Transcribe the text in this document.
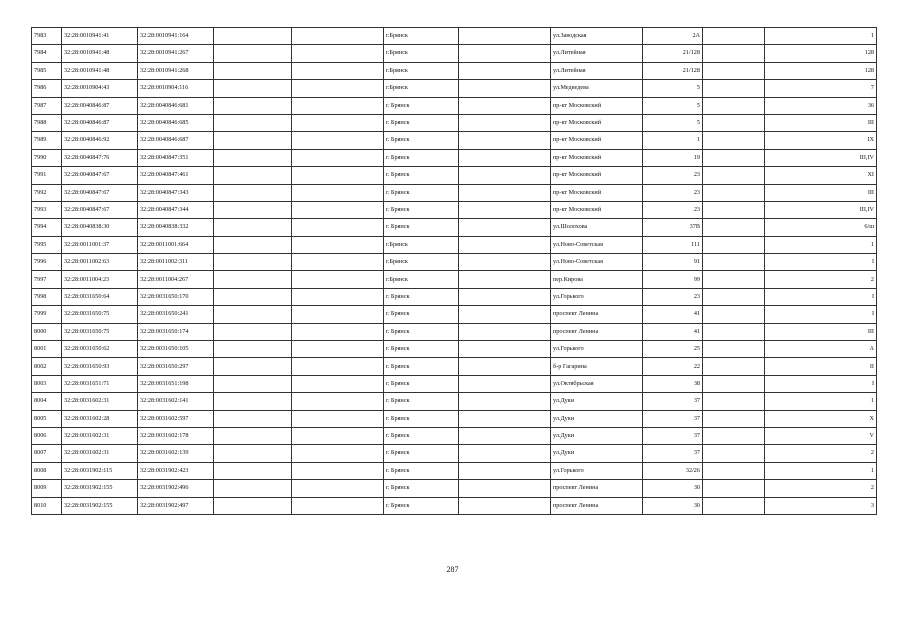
7983	32:28:0010941:41	32:28:0010941:164			г.Брянск		ул.Заводская	2А		1
7984	32:28:0010941:48	32:28:0010941:267			г.Брянск		ул.Литейная	21/128		128
7985	32:28:0010941:48	32:28:0010941:268			г.Брянск		ул.Литейная	21/128		128
7986	32:28:0010904:43	32:28:0010904:116			г.Брянск		ул.Медведева	5		7
7987	32:28:0040846:87	32:28:0040846:681			г. Брянск		пр-кт Московский	5		36
7988	32:28:0040846:87	32:28:0040846:685			г. Брянск		пр-кт Московский	5		III
7989	32:28:0040846:92	32:28:0040846:687			г. Брянск		пр-кт Московский	1		IX
7990	32:28:0040847:76	32:28:0040847:351			г. Брянск		пр-кт Московский	19		III,IV
7991	32:28:0040847:67	32:28:0040847:461			г. Брянск		пр-кт Московский	23		XI
7992	32:28:0040847:67	32:28:0040847:343			г. Брянск		пр-кт Московский	23		III
7993	32:28:0040847:67	32:28:0040847:344			г. Брянск		пр-кт Московский	23		III,IV
7994	32:28:0040838:30	32:28:0040838:332			г. Брянск		ул.Шолохова	37В		6/ш
7995	32:28:0011001:37	32:28:0011001:664			г.Брянск		ул.Ново-Советская	111		1
7996	32:28:0011002:63	32:28:0011002:311			г.Брянск		ул.Ново-Советская	91		I
7997	32:28:0011004:23	32:28:0011004:267			г.Брянск		пер.Кирова	99		2
7998	32:28:0031650:64	32:28:0031650:170			г. Брянск		ул.Горького	23		I
7999	32:28:0031650:75	32:28:0031650:241			г. Брянск		проспект Ленина	41		I
8000	32:28:0031650:75	32:28:0031650:174			г. Брянск		проспект Ленина	41		III
8001	32:28:0031650:62	32:28:0031650:105			г. Брянск		ул.Горького	25		А
8002	32:28:0031650:93	32:28:0031650:297			г. Брянск		б-р Гагарина	22		II
8003	32:28:0031651:71	32:28:0031651:198			г. Брянск		ул.Октябрьская	38		I
8004	32:28:0031602:31	32:28:0031602:141			г. Брянск		ул.Дуки	37		1
8005	32:28:0031602:28	32:28:0031602:597			г. Брянск		ул.Дуки	37		X
8006	32:28:0031602:31	32:28:0031602:178			г. Брянск		ул.Дуки	37		V
8007	32:28:0031602:31	32:28:0031602:139			г. Брянск		ул.Дуки	37		2
8008	32:28:0031902:115	32:28:0031902:423			г. Брянск		ул.Горького	32/26		1
8009	32:28:0031902:155	32:28:0031902:496			г. Брянск		проспект Ленина	30		2
8010	32:28:0031902:155	32:28:0031902:497			г. Брянск		проспект Ленина	30		3
287
